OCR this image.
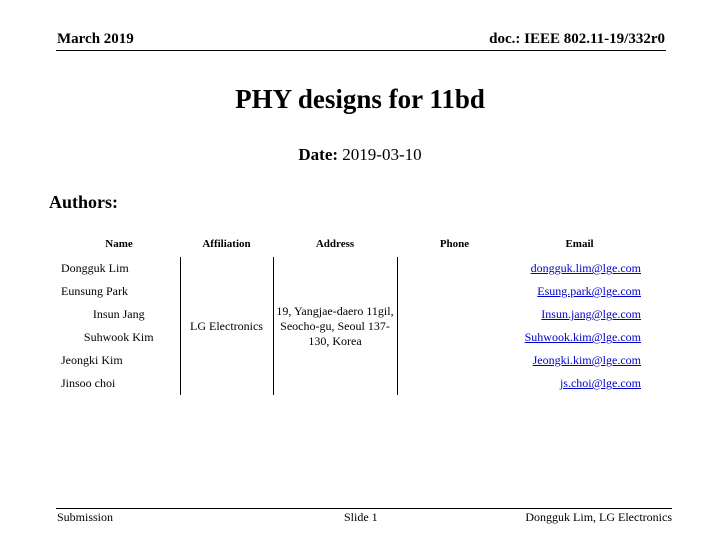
March 2019	doc.: IEEE 802.11-19/332r0
PHY designs for 11bd
Date: 2019-03-10
Authors:
Name	Affiliation	Address	Phone	Email
Dongguk Lim	LG Electronics	19, Yangjae-daero 11gil, Seocho-gu, Seoul 137-130, Korea		dongguk.lim@lge.com
Eunsung Park				Esung.park@lge.com
Insun Jang				Insun.jang@lge.com
Suhwook Kim				Suhwook.kim@lge.com
Jeongki Kim				Jeongki.kim@lge.com
Jinsoo choi				js.choi@lge.com
Submission	Slide 1	Dongguk Lim, LG Electronics
